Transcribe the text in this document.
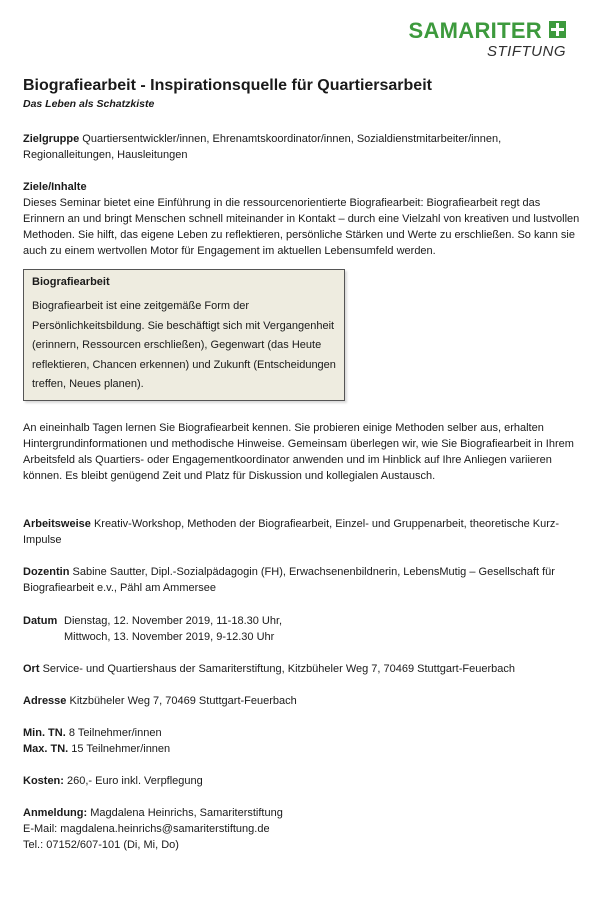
SAMARITER
STIFTUNG
Biografiearbeit - Inspirationsquelle für Quartiersarbeit

Das Leben als Schatzkiste

Zielgruppe Quartiersentwickler/innen, Ehrenamtskoordinator/innen, Sozialdienstmitarbeiter/innen, Regionalleitungen, Hausleitungen

Ziele/Inhalte
Dieses Seminar bietet eine Einführung in die ressourcenorientierte Biografiearbeit: Biografiearbeit regt das Erinnern an und bringt Menschen schnell miteinander in Kontakt – durch eine Vielzahl von kreativen und lustvollen Methoden. Sie hilft, das eigene Leben zu reflektieren, persönliche Stärken und Werte zu erschließen. So kann sie auch zu einem wertvollen Motor für Engagement im aktuellen Lebensumfeld werden.
Biografiearbeit
Biografiearbeit ist eine zeitgemäße Form der Persönlichkeitsbildung. Sie beschäftigt sich mit Vergangenheit (erinnern, Ressourcen erschließen), Gegenwart (das Heute reflektieren, Chancen erkennen) und Zukunft (Entscheidungen treffen, Neues planen).

An eineinhalb Tagen lernen Sie Biografiearbeit kennen. Sie probieren einige Methoden selber aus, erhalten Hintergrundinformationen und methodische Hinweise. Gemeinsam überlegen wir, wie Sie Biografiearbeit in Ihrem Arbeitsfeld als Quartiers- oder Engagementkoordinator anwenden und im Hinblick auf Ihre Anliegen variieren können. Es bleibt genügend Zeit und Platz für Diskussion und kollegialen Austausch.

Arbeitsweise Kreativ-Workshop, Methoden der Biografiearbeit, Einzel- und Gruppenarbeit, theoretische Kurz-Impulse

Dozentin Sabine Sautter, Dipl.-Sozialpädagogin (FH), Erwachsenenbildnerin, LebensMutig – Gesellschaft für Biografiearbeit e.v., Pähl am Ammersee

Datum Dienstag, 12. November 2019, 11-18.30 Uhr,
Mittwoch, 13. November 2019, 9-12.30 Uhr

Ort Service- und Quartiershaus der Samariterstiftung, Kitzbüheler Weg 7, 70469 Stuttgart-Feuerbach

Adresse Kitzbüheler Weg 7, 70469 Stuttgart-Feuerbach

Min. TN. 8 Teilnehmer/innen
Max. TN. 15 Teilnehmer/innen

Kosten: 260,- Euro inkl. Verpflegung

Anmeldung: Magdalena Heinrichs, Samariterstiftung
E-Mail: magdalena.heinrichs@samariterstiftung.de
Tel.: 07152/607-101 (Di, Mi, Do)
